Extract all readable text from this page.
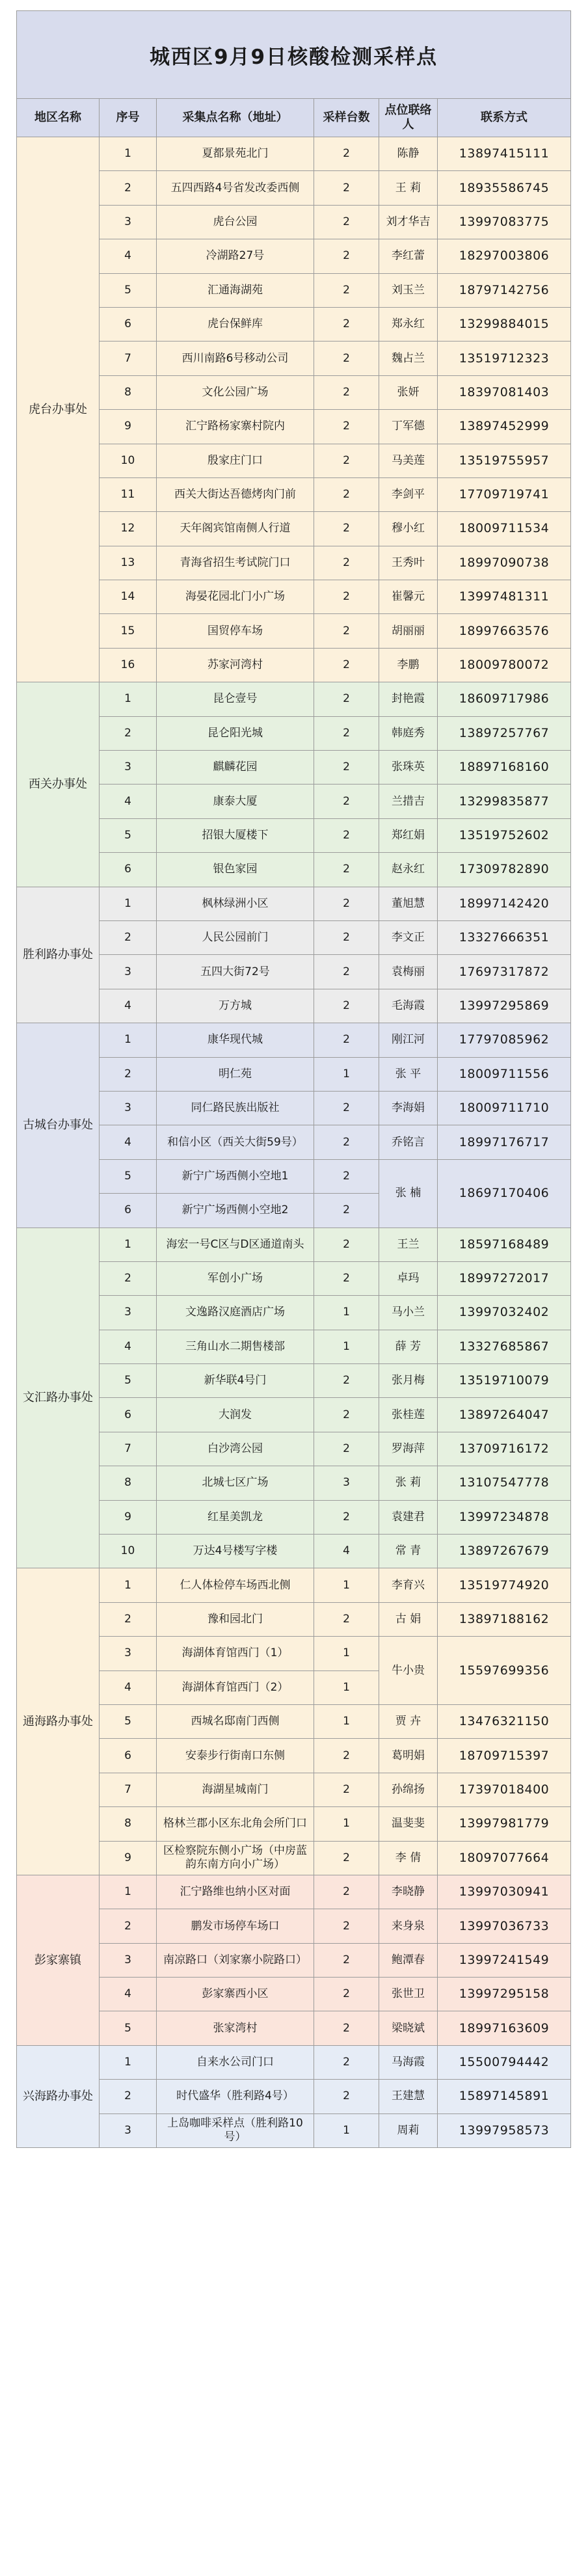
城西区9月9日核酸检测采样点					
地区名称	序号	采集点名称（地址）	采样台数	点位联络人	联系方式
虎台办事处	1	夏都景苑北门	2	陈静	13897415111
	2	五四西路4号省发改委西侧	2	王 莉	18935586745
	3	虎台公园	2	刘才华吉	13997083775
	4	冷湖路27号	2	李红蕾	18297003806
	5	汇通海湖苑	2	刘玉兰	18797142756
	6	虎台保鲜库	2	郑永红	13299884015
	7	西川南路6号移动公司	2	魏占兰	13519712323
	8	文化公园广场	2	张妍	18397081403
	9	汇宁路杨家寨村院内	2	丁军德	13897452999
	10	殷家庄门口	2	马美莲	13519755957
	11	西关大街达吾德烤肉门前	2	李剑平	17709719741
	12	天年阁宾馆南侧人行道	2	穆小红	18009711534
	13	青海省招生考试院门口	2	王秀叶	18997090738
	14	海晏花园北门小广场	2	崔馨元	13997481311
	15	国贸停车场	2	胡丽丽	18997663576
	16	苏家河湾村	2	李鹏	18009780072
西关办事处	1	昆仑壹号	2	封艳霞	18609717986
	2	昆仑阳光城	2	韩庭秀	13897257767
	3	麒麟花园	2	张珠英	18897168160
	4	康泰大厦	2	兰措吉	13299835877
	5	招银大厦楼下	2	郑红娟	13519752602
	6	银色家园	2	赵永红	17309782890
胜利路办事处	1	枫林绿洲小区	2	董旭慧	18997142420
	2	人民公园前门	2	李文正	13327666351
	3	五四大街72号	2	袁梅丽	17697317872
	4	万方城	2	毛海霞	13997295869
古城台办事处	1	康华现代城	2	刚江河	17797085962
	2	明仁苑	1	张 平	18009711556
	3	同仁路民族出版社	2	李海娟	18009711710
	4	和信小区（西关大街59号）	2	乔铭言	18997176717
	5	新宁广场西侧小空地1	2	张 楠	18697170406
	6	新宁广场西侧小空地2	2		
文汇路办事处	1	海宏一号C区与D区通道南头	2	王兰	18597168489
	2	军创小广场	2	卓玛	18997272017
	3	文逸路汉庭酒店广场	1	马小兰	13997032402
	4	三角山水二期售楼部	1	薛 芳	13327685867
	5	新华联4号门	2	张月梅	13519710079
	6	大润发	2	张桂莲	13897264047
	7	白沙湾公园	2	罗海萍	13709716172
	8	北城七区广场	3	张 莉	13107547778
	9	红星美凯龙	2	袁建君	13997234878
	10	万达4号楼写字楼	4	常 青	13897267679
通海路办事处	1	仁人体检停车场西北侧	1	李育兴	13519774920
	2	豫和园北门	2	古 娟	13897188162
	3	海湖体育馆西门（1）	1	牛小贵	15597699356
	4	海湖体育馆西门（2）	1		
	5	西城名邸南门西侧	1	贾 卉	13476321150
	6	安泰步行街南口东侧	2	葛明娟	18709715397
	7	海湖星城南门	2	孙绵扬	17397018400
	8	格林兰郡小区东北角会所门口	1	温斐斐	13997981779
	9	区检察院东侧小广场（中房蓝韵东南方向小广场）	2	李 倩	18097077664
彭家寨镇	1	汇宁路维也纳小区对面	2	李晓静	13997030941
	2	鹏发市场停车场口	2	来身泉	13997036733
	3	南凉路口（刘家寨小院路口）	2	鲍潭春	13997241549
	4	彭家寨西小区	2	张世卫	13997295158
	5	张家湾村	2	梁晓斌	18997163609
兴海路办事处	1	自来水公司门口	2	马海霞	15500794442
	2	时代盛华（胜利路4号）	2	王建慧	15897145891
	3	上岛咖啡采样点（胜利路10号）	1	周莉	13997958573
